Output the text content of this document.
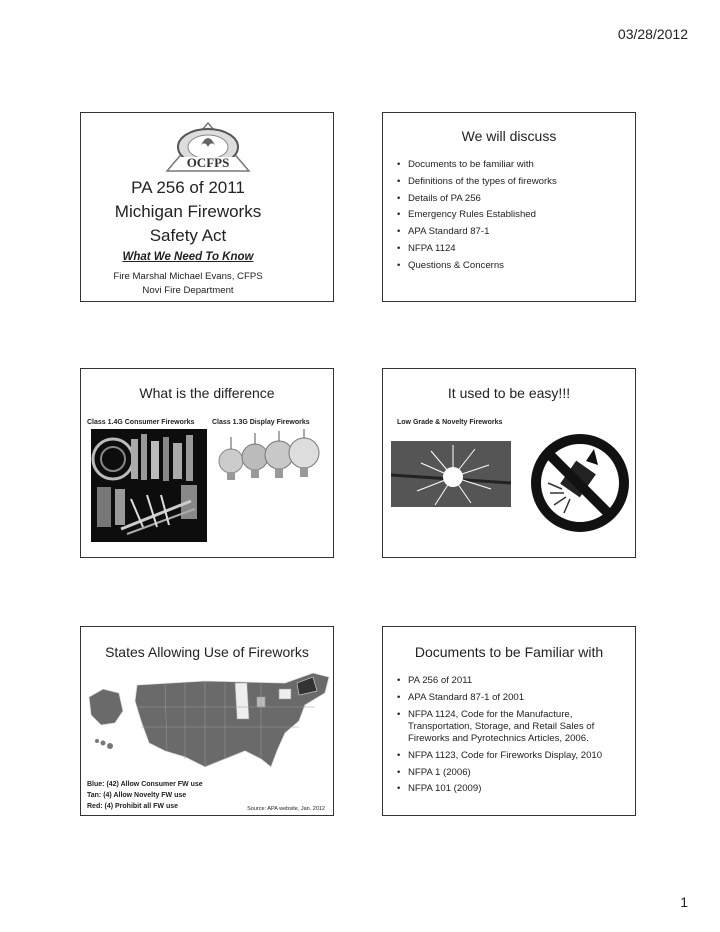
03/28/2012
OCFPS
PA 256 of 2011
Michigan Fireworks
Safety Act
What We Need To Know
Fire Marshal Michael Evans, CFPS
Novi Fire Department
We will discuss
• Documents to be familiar with
• Definitions of the types of fireworks
• Details of PA 256
• Emergency Rules Established
• APA Standard 87-1
• NFPA 1124
• Questions & Concerns
What is the difference
Class 1.4G Consumer Fireworks	Class 1.3G Display Fireworks
It used to be easy!!!
Low Grade & Novelty Fireworks
States Allowing Use of Fireworks
Blue: (42) Allow Consumer FW use
Tan: (4) Allow Novelty FW use
Red: (4) Prohibit all FW use	Source: APA website, Jan. 2012
Documents to be Familiar with
• PA 256 of 2011
• APA Standard 87-1 of 2001
• NFPA 1124, Code for the Manufacture, Transportation, Storage, and Retail Sales of Fireworks and Pyrotechnics Articles, 2006.
• NFPA 1123, Code for Fireworks Display, 2010
• NFPA 1 (2006)
• NFPA 101 (2009)
1
